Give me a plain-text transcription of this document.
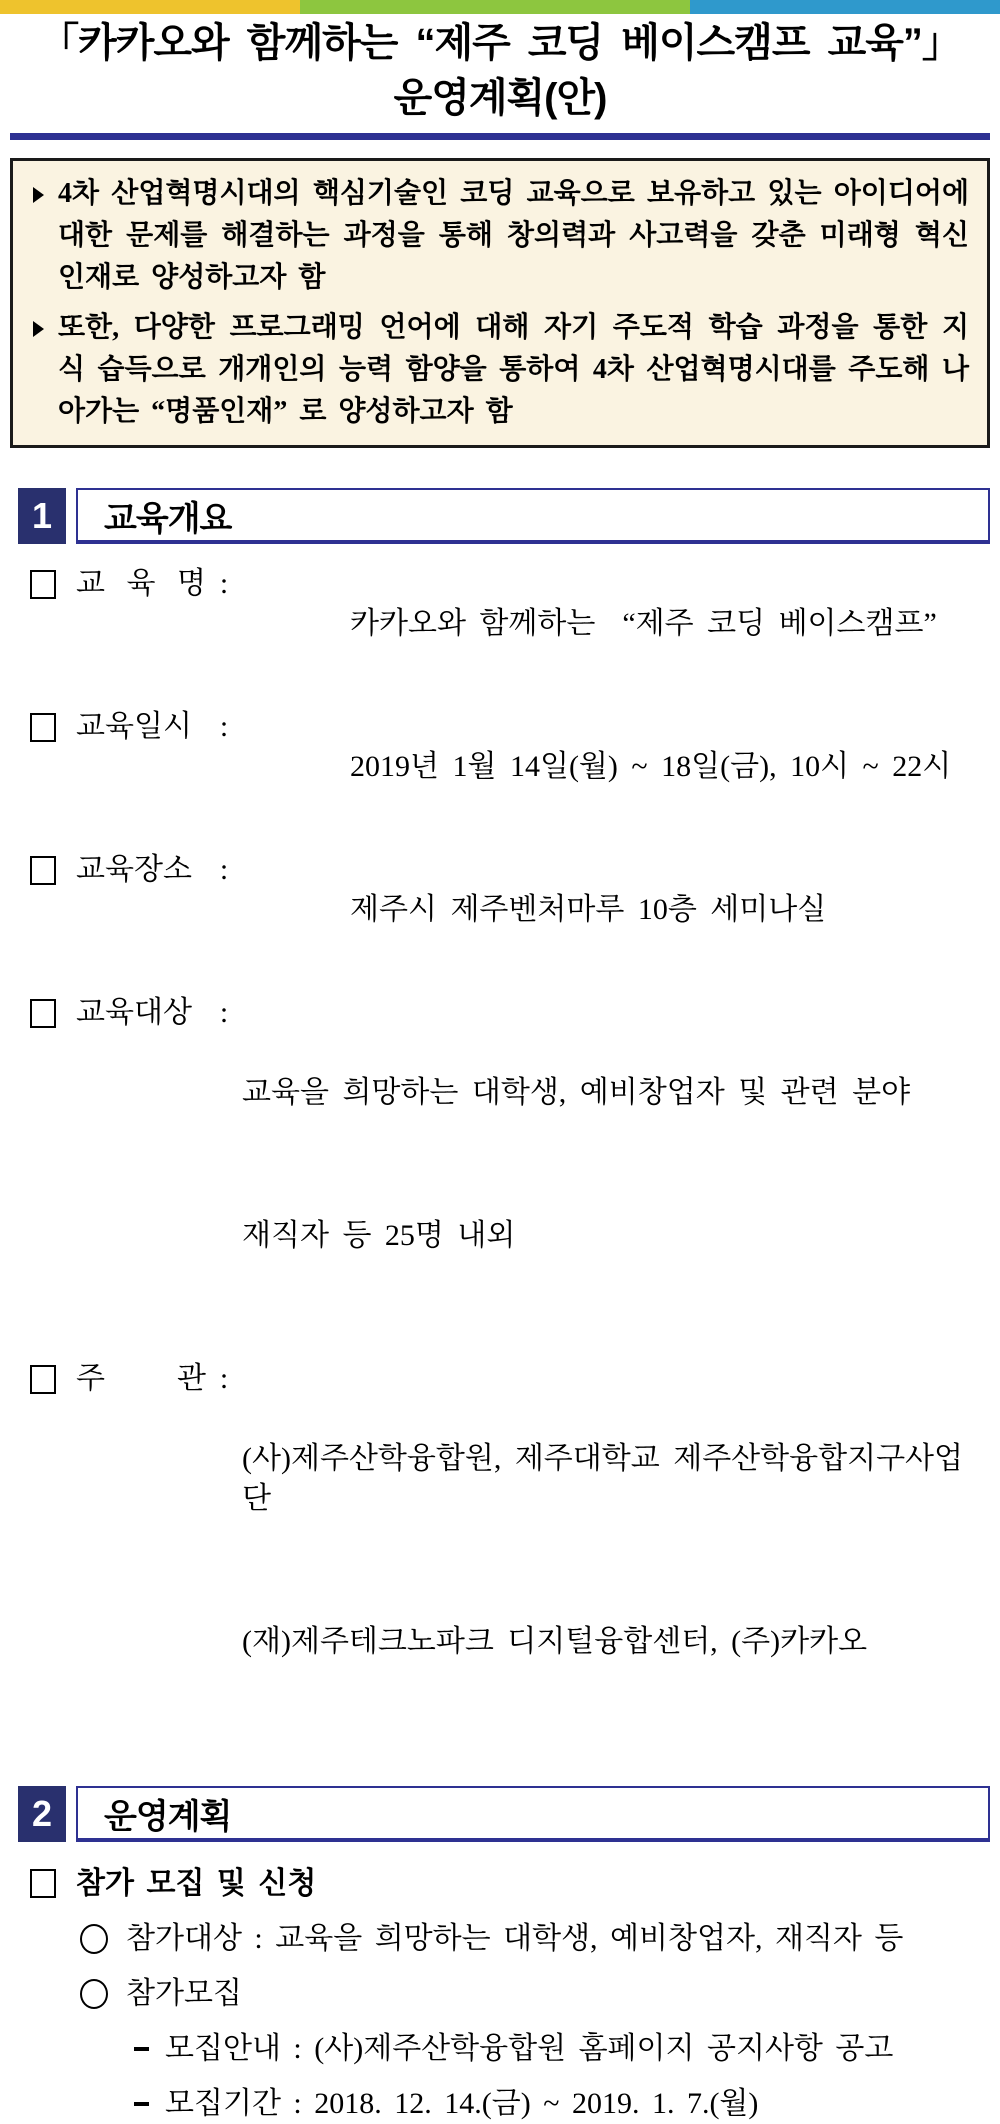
「카카오와 함께하는 “제주 코딩 베이스캠프 교육”」
운영계획(안)
4차 산업혁명시대의 핵심기술인 코딩 교육으로 보유하고 있는 아이디어에 대한 문제를 해결하는 과정을 통해 창의력과 사고력을 갖춘 미래형 혁신 인재로 양성하고자 함
또한, 다양한 프로그래밍 언어에 대해 자기 주도적 학습 과정을 통한 지식 습득으로 개개인의 능력 함양을 통하여 4차 산업혁명시대를 주도해 나아가는 “명품인재” 로 양성하고자 함
1	교육개요
교 육 명 :

카카오와 함께하는  “제주 코딩 베이스캠프”

교육일시 :

2019년 1월 14일(월) ~ 18일(금), 10시 ~ 22시

교육장소 :

제주시 제주벤처마루 10층 세미나실

교육대상 :

교육을 희망하는 대학생, 예비창업자 및 관련 분야

재직자 등 25명 내외

주 관 :

(사)제주산학융합원, 제주대학교 제주산학융합지구사업단

(재)제주테크노파크 디지털융합센터, (주)카카오

2	운영계획
참가 모집 및 신청
참가대상 : 교육을 희망하는 대학생, 예비창업자, 재직자 등
참가모집
모집안내 : (사)제주산학융합원 홈페이지 공지사항 공고
모집기간 : 2018. 12. 14.(금) ~ 2019. 1. 7.(월)
